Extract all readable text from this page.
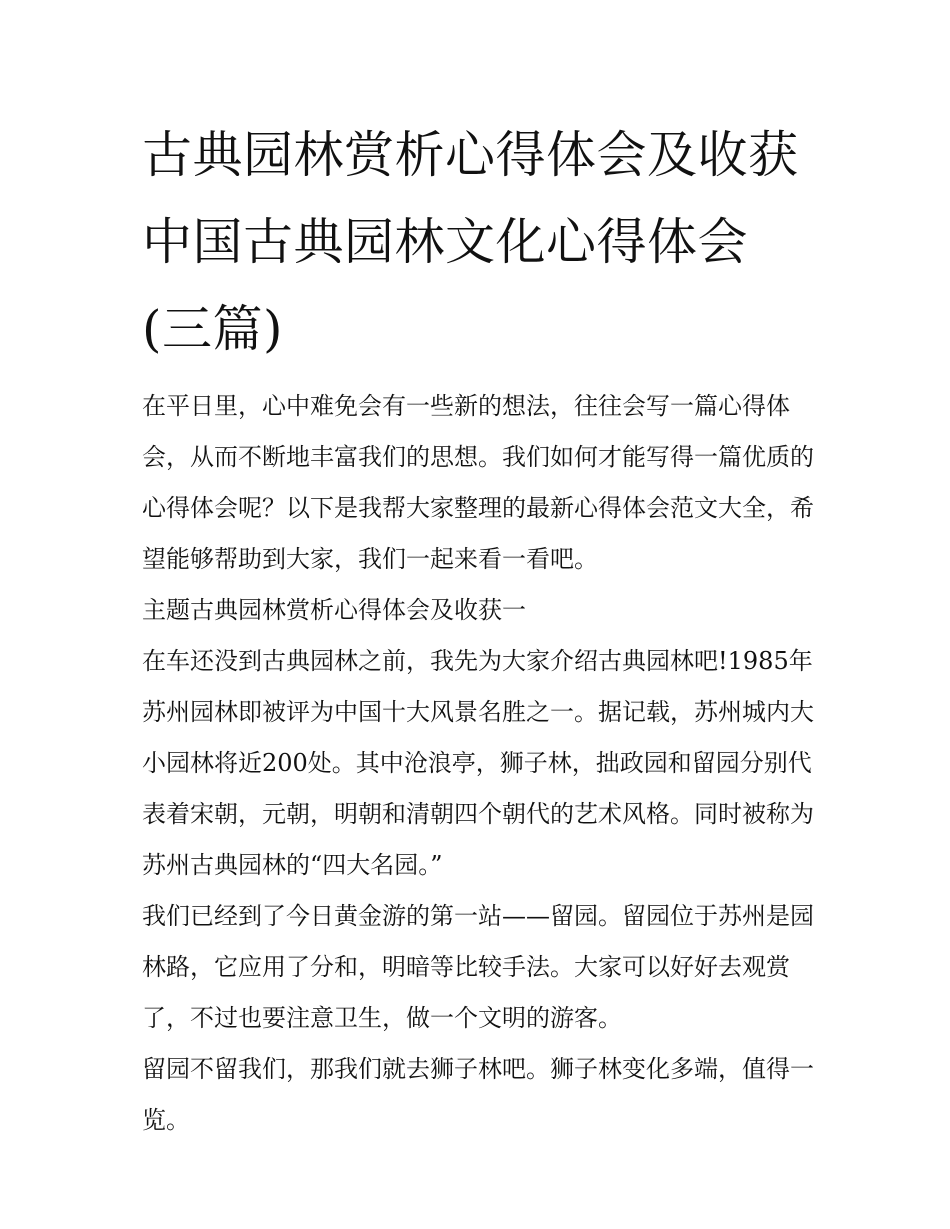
古典园林赏析心得体会及收获 中国古典园林文化心得体会(三篇)

在平日里，心中难免会有一些新的想法，往往会写一篇心得体会，从而不断地丰富我们的思想。我们如何才能写得一篇优质的心得体会呢？以下是我帮大家整理的最新心得体会范文大全，希望能够帮助到大家，我们一起来看一看吧。

主题古典园林赏析心得体会及收获一

在车还没到古典园林之前，我先为大家介绍古典园林吧!1985年苏州园林即被评为中国十大风景名胜之一。据记载，苏州城内大小园林将近200处。其中沧浪亭，狮子林，拙政园和留园分别代表着宋朝，元朝，明朝和清朝四个朝代的艺术风格。同时被称为苏州古典园林的“四大名园。”

我们已经到了今日黄金游的第一站——留园。留园位于苏州是园林路，它应用了分和，明暗等比较手法。大家可以好好去观赏了，不过也要注意卫生，做一个文明的游客。

留园不留我们，那我们就去狮子林吧。狮子林变化多端，值得一览。
